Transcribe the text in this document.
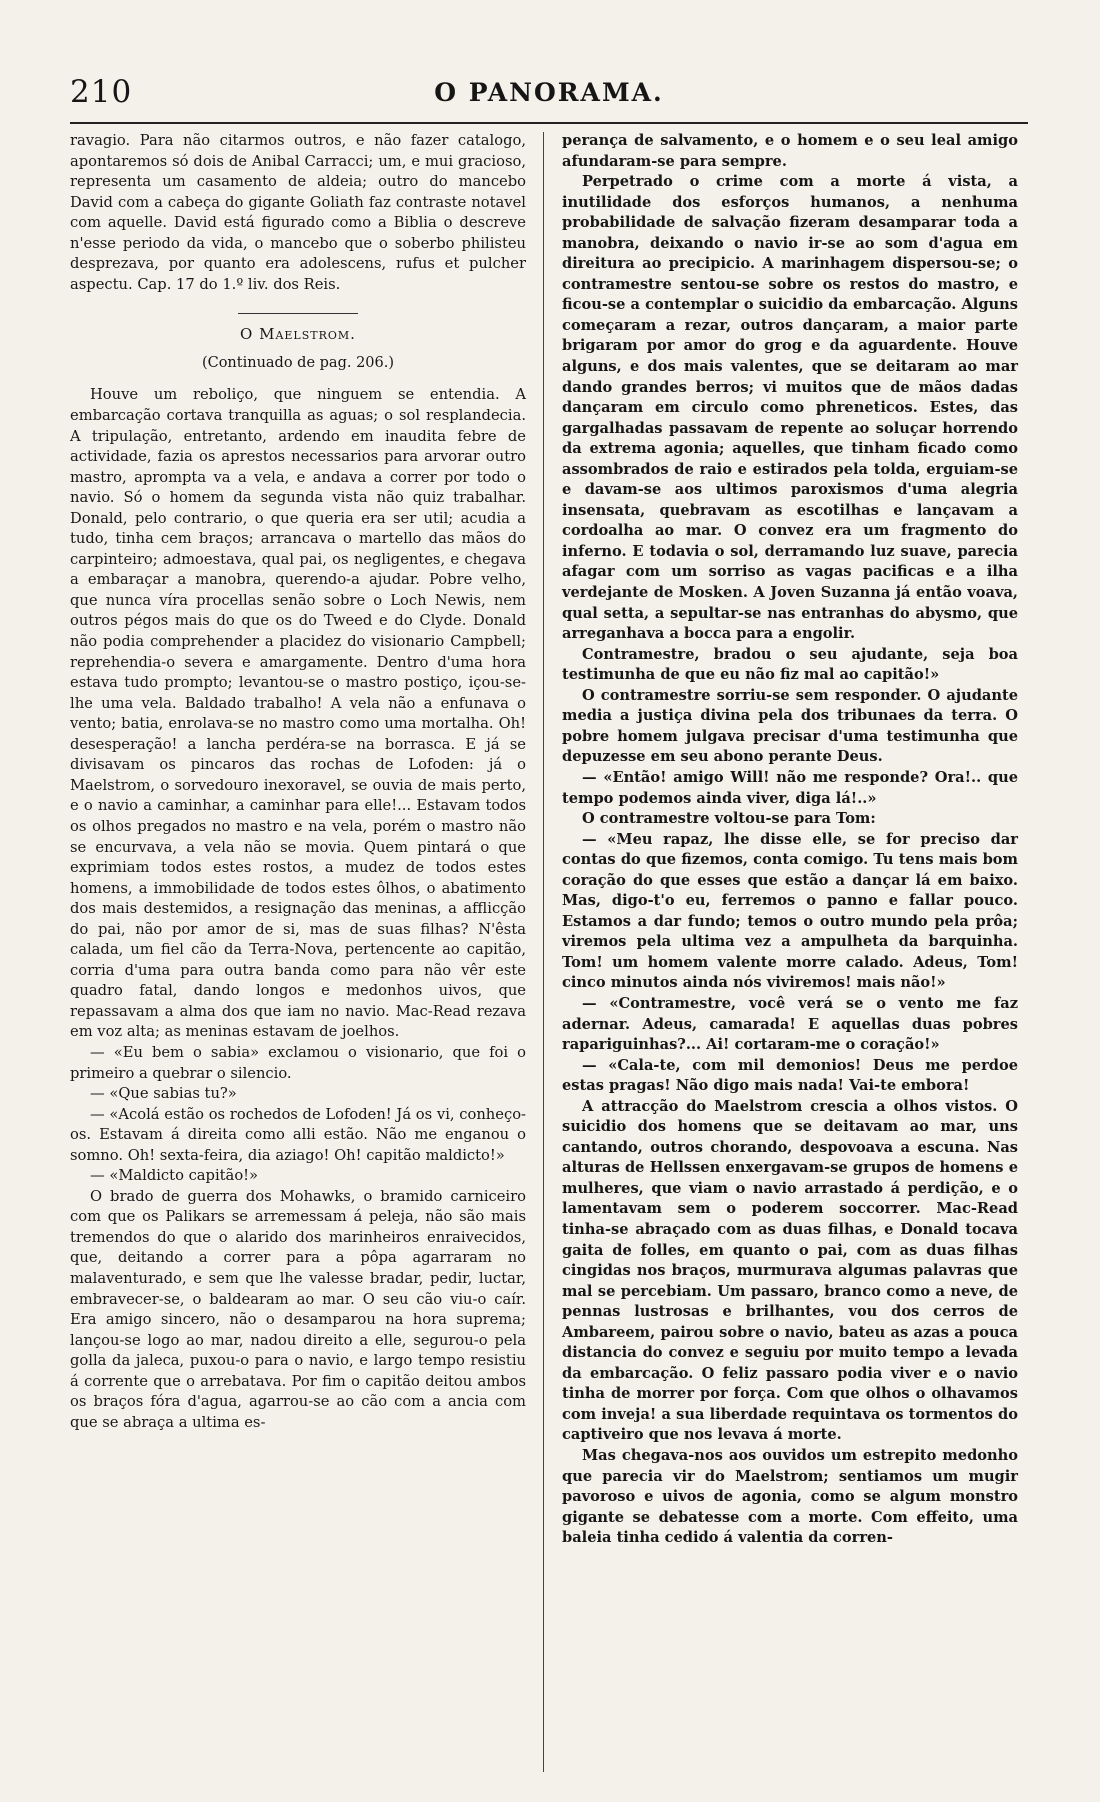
210	O PANORAMA.

ravagio. Para não citarmos outros, e não fazer catalogo, apontaremos só dois de Anibal Carracci; um, e mui gracioso, representa um casamento de aldeia; outro do mancebo David com a cabeça do gigante Goliath faz contraste notavel com aquelle. David está figurado como a Biblia o descreve n'esse periodo da vida, o mancebo que o soberbo philisteu desprezava, por quanto era adolescens, rufus et pulcher aspectu. Cap. 17 do 1.º liv. dos Reis.

O Maelstrom.

(Continuado de pag. 206.)

Houve um reboliço, que ninguem se entendia. A embarcação cortava tranquilla as aguas; o sol resplandecia. A tripulação, entretanto, ardendo em inaudita febre de actividade, fazia os aprestos necessarios para arvorar outro mastro, aprompta va a vela, e andava a correr por todo o navio. Só o homem da segunda vista não quiz trabalhar. Donald, pelo contrario, o que queria era ser util; acudia a tudo, tinha cem braços; arrancava o martello das mãos do carpinteiro; admoestava, qual pai, os negligentes, e chegava a embaraçar a manobra, querendo-a ajudar. Pobre velho, que nunca víra procellas senão sobre o Loch Newis, nem outros pégos mais do que os do Tweed e do Clyde. Donald não podia comprehender a placidez do visionario Campbell; reprehendia-o severa e amargamente. Dentro d'uma hora estava tudo prompto; levantou-se o mastro postiço, içou-se-lhe uma vela. Baldado trabalho! A vela não a enfunava o vento; batia, enrolava-se no mastro como uma mortalha. Oh! desesperação! a lancha perdéra-se na borrasca. E já se divisavam os pincaros das rochas de Lofoden: já o Maelstrom, o sorvedouro inexoravel, se ouvia de mais perto, e o navio a caminhar, a caminhar para elle!... Estavam todos os olhos pregados no mastro e na vela, porém o mastro não se encurvava, a vela não se movia. Quem pintará o que exprimiam todos estes rostos, a mudez de todos estes homens, a immobilidade de todos estes ôlhos, o abatimento dos mais destemidos, a resignação das meninas, a afflicção do pai, não por amor de si, mas de suas filhas? N'êsta calada, um fiel cão da Terra-Nova, pertencente ao capitão, corria d'uma para outra banda como para não vêr este quadro fatal, dando longos e medonhos uivos, que repassavam a alma dos que iam no navio. Mac-Read rezava em voz alta; as meninas estavam de joelhos.

— «Eu bem o sabia» exclamou o visionario, que foi o primeiro a quebrar o silencio.

— «Que sabias tu?»

— «Acolá estão os rochedos de Lofoden! Já os vi, conheço-os. Estavam á direita como alli estão. Não me enganou o somno. Oh! sexta-feira, dia aziago! Oh! capitão maldicto!»

— «Maldicto capitão!»

O brado de guerra dos Mohawks, o bramido carniceiro com que os Palikars se arremessam á peleja, não são mais tremendos do que o alarido dos marinheiros enraivecidos, que, deitando a correr para a pôpa agarraram no malaventurado, e sem que lhe valesse bradar, pedir, luctar, embravecer-se, o baldearam ao mar. O seu cão viu-o caír. Era amigo sincero, não o desamparou na hora suprema; lançou-se logo ao mar, nadou direito a elle, segurou-o pela golla da jaleca, puxou-o para o navio, e largo tempo resistiu á corrente que o arrebatava. Por fim o capitão deitou ambos os braços fóra d'agua, agarrou-se ao cão com a ancia com que se abraça a ultima es-

perança de salvamento, e o homem e o seu leal amigo afundaram-se para sempre.

Perpetrado o crime com a morte á vista, a inutilidade dos esforços humanos, a nenhuma probabilidade de salvação fizeram desamparar toda a manobra, deixando o navio ir-se ao som d'agua em direitura ao precipicio. A marinhagem dispersou-se; o contramestre sentou-se sobre os restos do mastro, e ficou-se a contemplar o suicidio da embarcação. Alguns começaram a rezar, outros dançaram, a maior parte brigaram por amor do grog e da aguardente. Houve alguns, e dos mais valentes, que se deitaram ao mar dando grandes berros; vi muitos que de mãos dadas dançaram em circulo como phreneticos. Estes, das gargalhadas passavam de repente ao soluçar horrendo da extrema agonia; aquelles, que tinham ficado como assombrados de raio e estirados pela tolda, erguiam-se e davam-se aos ultimos paroxismos d'uma alegria insensata, quebravam as escotilhas e lançavam a cordoalha ao mar. O convez era um fragmento do inferno. E todavia o sol, derramando luz suave, parecia afagar com um sorriso as vagas pacificas e a ilha verdejante de Mosken. A Joven Suzanna já então voava, qual setta, a sepultar-se nas entranhas do abysmo, que arreganhava a bocca para a engolir.

Contramestre, bradou o seu ajudante, seja boa testimunha de que eu não fiz mal ao capitão!»

O contramestre sorriu-se sem responder. O ajudante media a justiça divina pela dos tribunaes da terra. O pobre homem julgava precisar d'uma testimunha que depuzesse em seu abono perante Deus.

— «Então! amigo Will! não me responde? Ora!.. que tempo podemos ainda viver, diga lá!..»

O contramestre voltou-se para Tom:

— «Meu rapaz, lhe disse elle, se for preciso dar contas do que fizemos, conta comigo. Tu tens mais bom coração do que esses que estão a dançar lá em baixo. Mas, digo-t'o eu, ferremos o panno e fallar pouco. Estamos a dar fundo; temos o outro mundo pela prôa; viremos pela ultima vez a ampulheta da barquinha. Tom! um homem valente morre calado. Adeus, Tom! cinco minutos ainda nós viviremos! mais não!»

— «Contramestre, você verá se o vento me faz adernar. Adeus, camarada! E aquellas duas pobres rapariguinhas?... Ai! cortaram-me o coração!»

— «Cala-te, com mil demonios! Deus me perdoe estas pragas! Não digo mais nada! Vai-te embora!

A attracção do Maelstrom crescia a olhos vistos. O suicidio dos homens que se deitavam ao mar, uns cantando, outros chorando, despovoava a escuna. Nas alturas de Hellssen enxergavam-se grupos de homens e mulheres, que viam o navio arrastado á perdição, e o lamentavam sem o poderem soccorrer. Mac-Read tinha-se abraçado com as duas filhas, e Donald tocava gaita de folles, em quanto o pai, com as duas filhas cingidas nos braços, murmurava algumas palavras que mal se percebiam. Um passaro, branco como a neve, de pennas lustrosas e brilhantes, vou dos cerros de Ambareem, pairou sobre o navio, bateu as azas a pouca distancia do convez e seguiu por muito tempo a levada da embarcação. O feliz passaro podia viver e o navio tinha de morrer por força. Com que olhos o olhavamos com inveja! a sua liberdade requintava os tormentos do captiveiro que nos levava á morte.

Mas chegava-nos aos ouvidos um estrepito medonho que parecia vir do Maelstrom; sentiamos um mugir pavoroso e uivos de agonia, como se algum monstro gigante se debatesse com a morte. Com effeito, uma baleia tinha cedido á valentia da corren-
